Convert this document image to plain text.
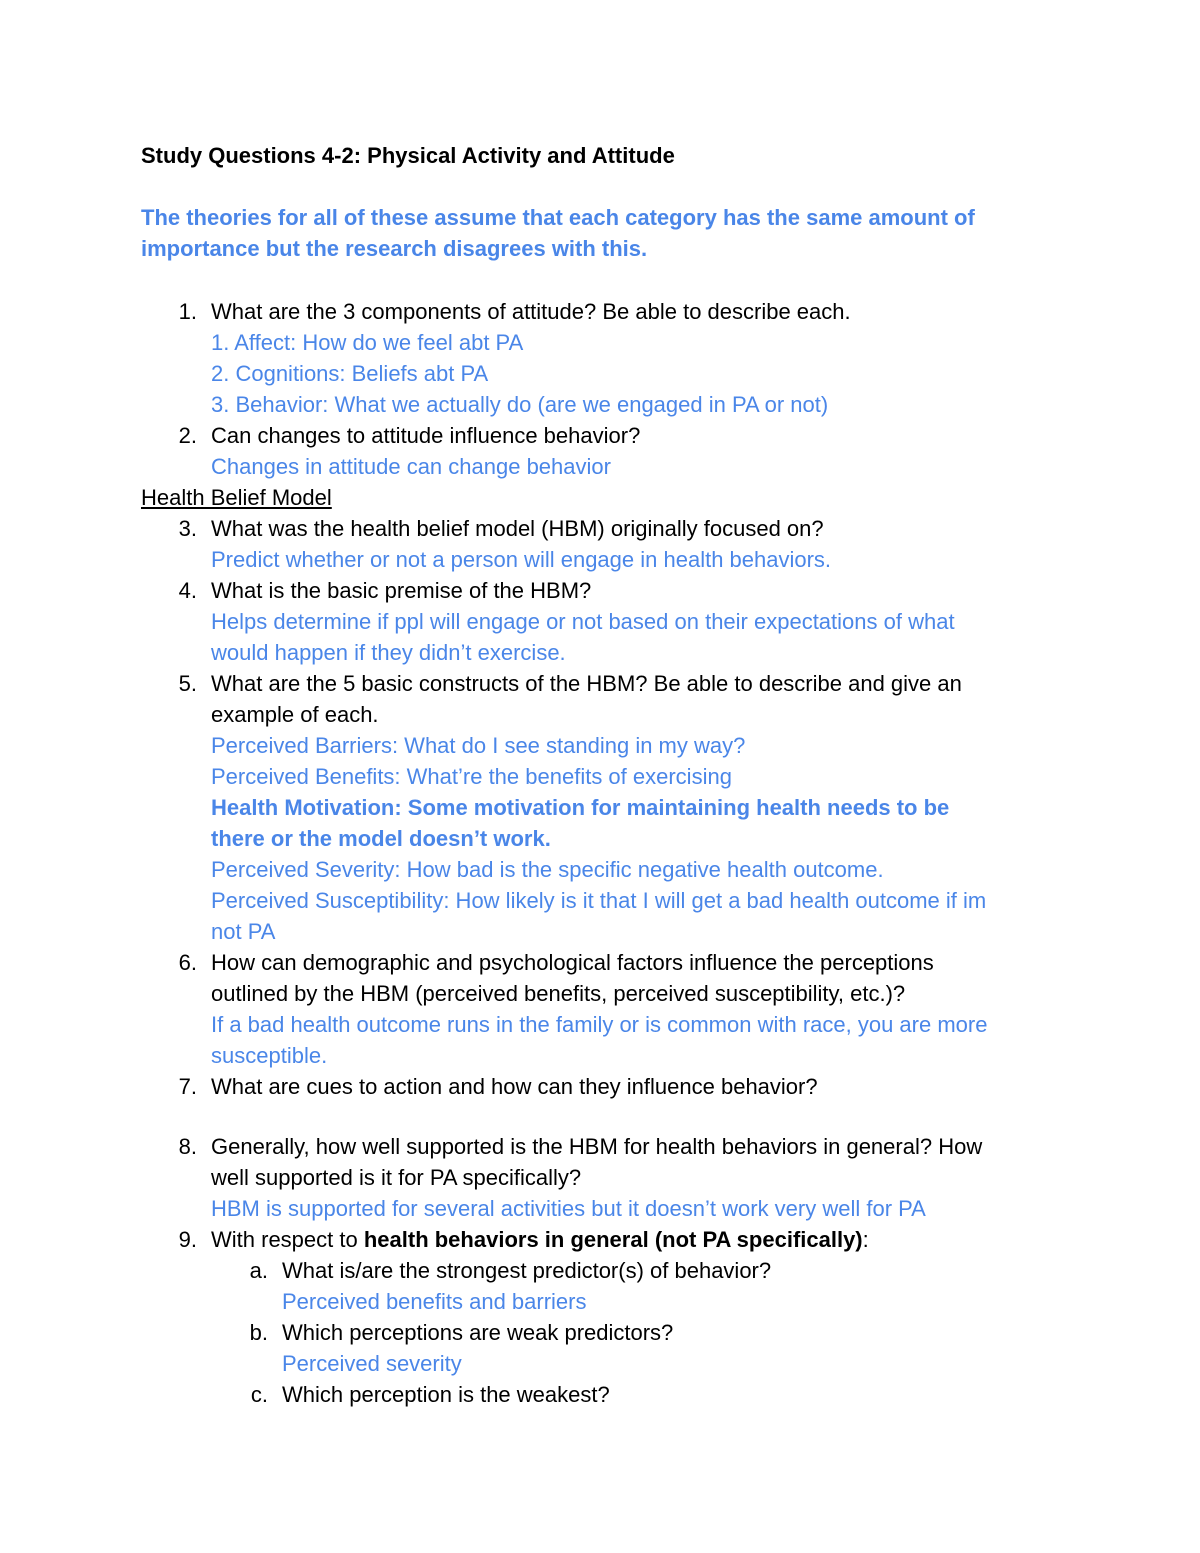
Study Questions 4-2: Physical Activity and Attitude
The theories for all of these assume that each category has the same amount of
importance but the research disagrees with this.
1. What are the 3 components of attitude? Be able to describe each.
1. Affect: How do we feel abt PA
2. Cognitions: Beliefs abt PA
3. Behavior: What we actually do (are we engaged in PA or not)
2. Can changes to attitude influence behavior?
Changes in attitude can change behavior
Health Belief Model
3. What was the health belief model (HBM) originally focused on?
Predict whether or not a person will engage in health behaviors.
4. What is the basic premise of the HBM?
Helps determine if ppl will engage or not based on their expectations of what
would happen if they didn’t exercise.
5. What are the 5 basic constructs of the HBM? Be able to describe and give an
example of each.
Perceived Barriers: What do I see standing in my way?
Perceived Benefits: What’re the benefits of exercising
Health Motivation: Some motivation for maintaining health needs to be
there or the model doesn’t work.
Perceived Severity: How bad is the specific negative health outcome.
Perceived Susceptibility: How likely is it that I will get a bad health outcome if im
not PA
6. How can demographic and psychological factors influence the perceptions
outlined by the HBM (perceived benefits, perceived susceptibility, etc.)?
If a bad health outcome runs in the family or is common with race, you are more
susceptible.
7. What are cues to action and how can they influence behavior?
8. Generally, how well supported is the HBM for health behaviors in general? How
well supported is it for PA specifically?
HBM is supported for several activities but it doesn’t work very well for PA
9. With respect to health behaviors in general (not PA specifically):
a. What is/are the strongest predictor(s) of behavior?
Perceived benefits and barriers
b. Which perceptions are weak predictors?
Perceived severity
c. Which perception is the weakest?
